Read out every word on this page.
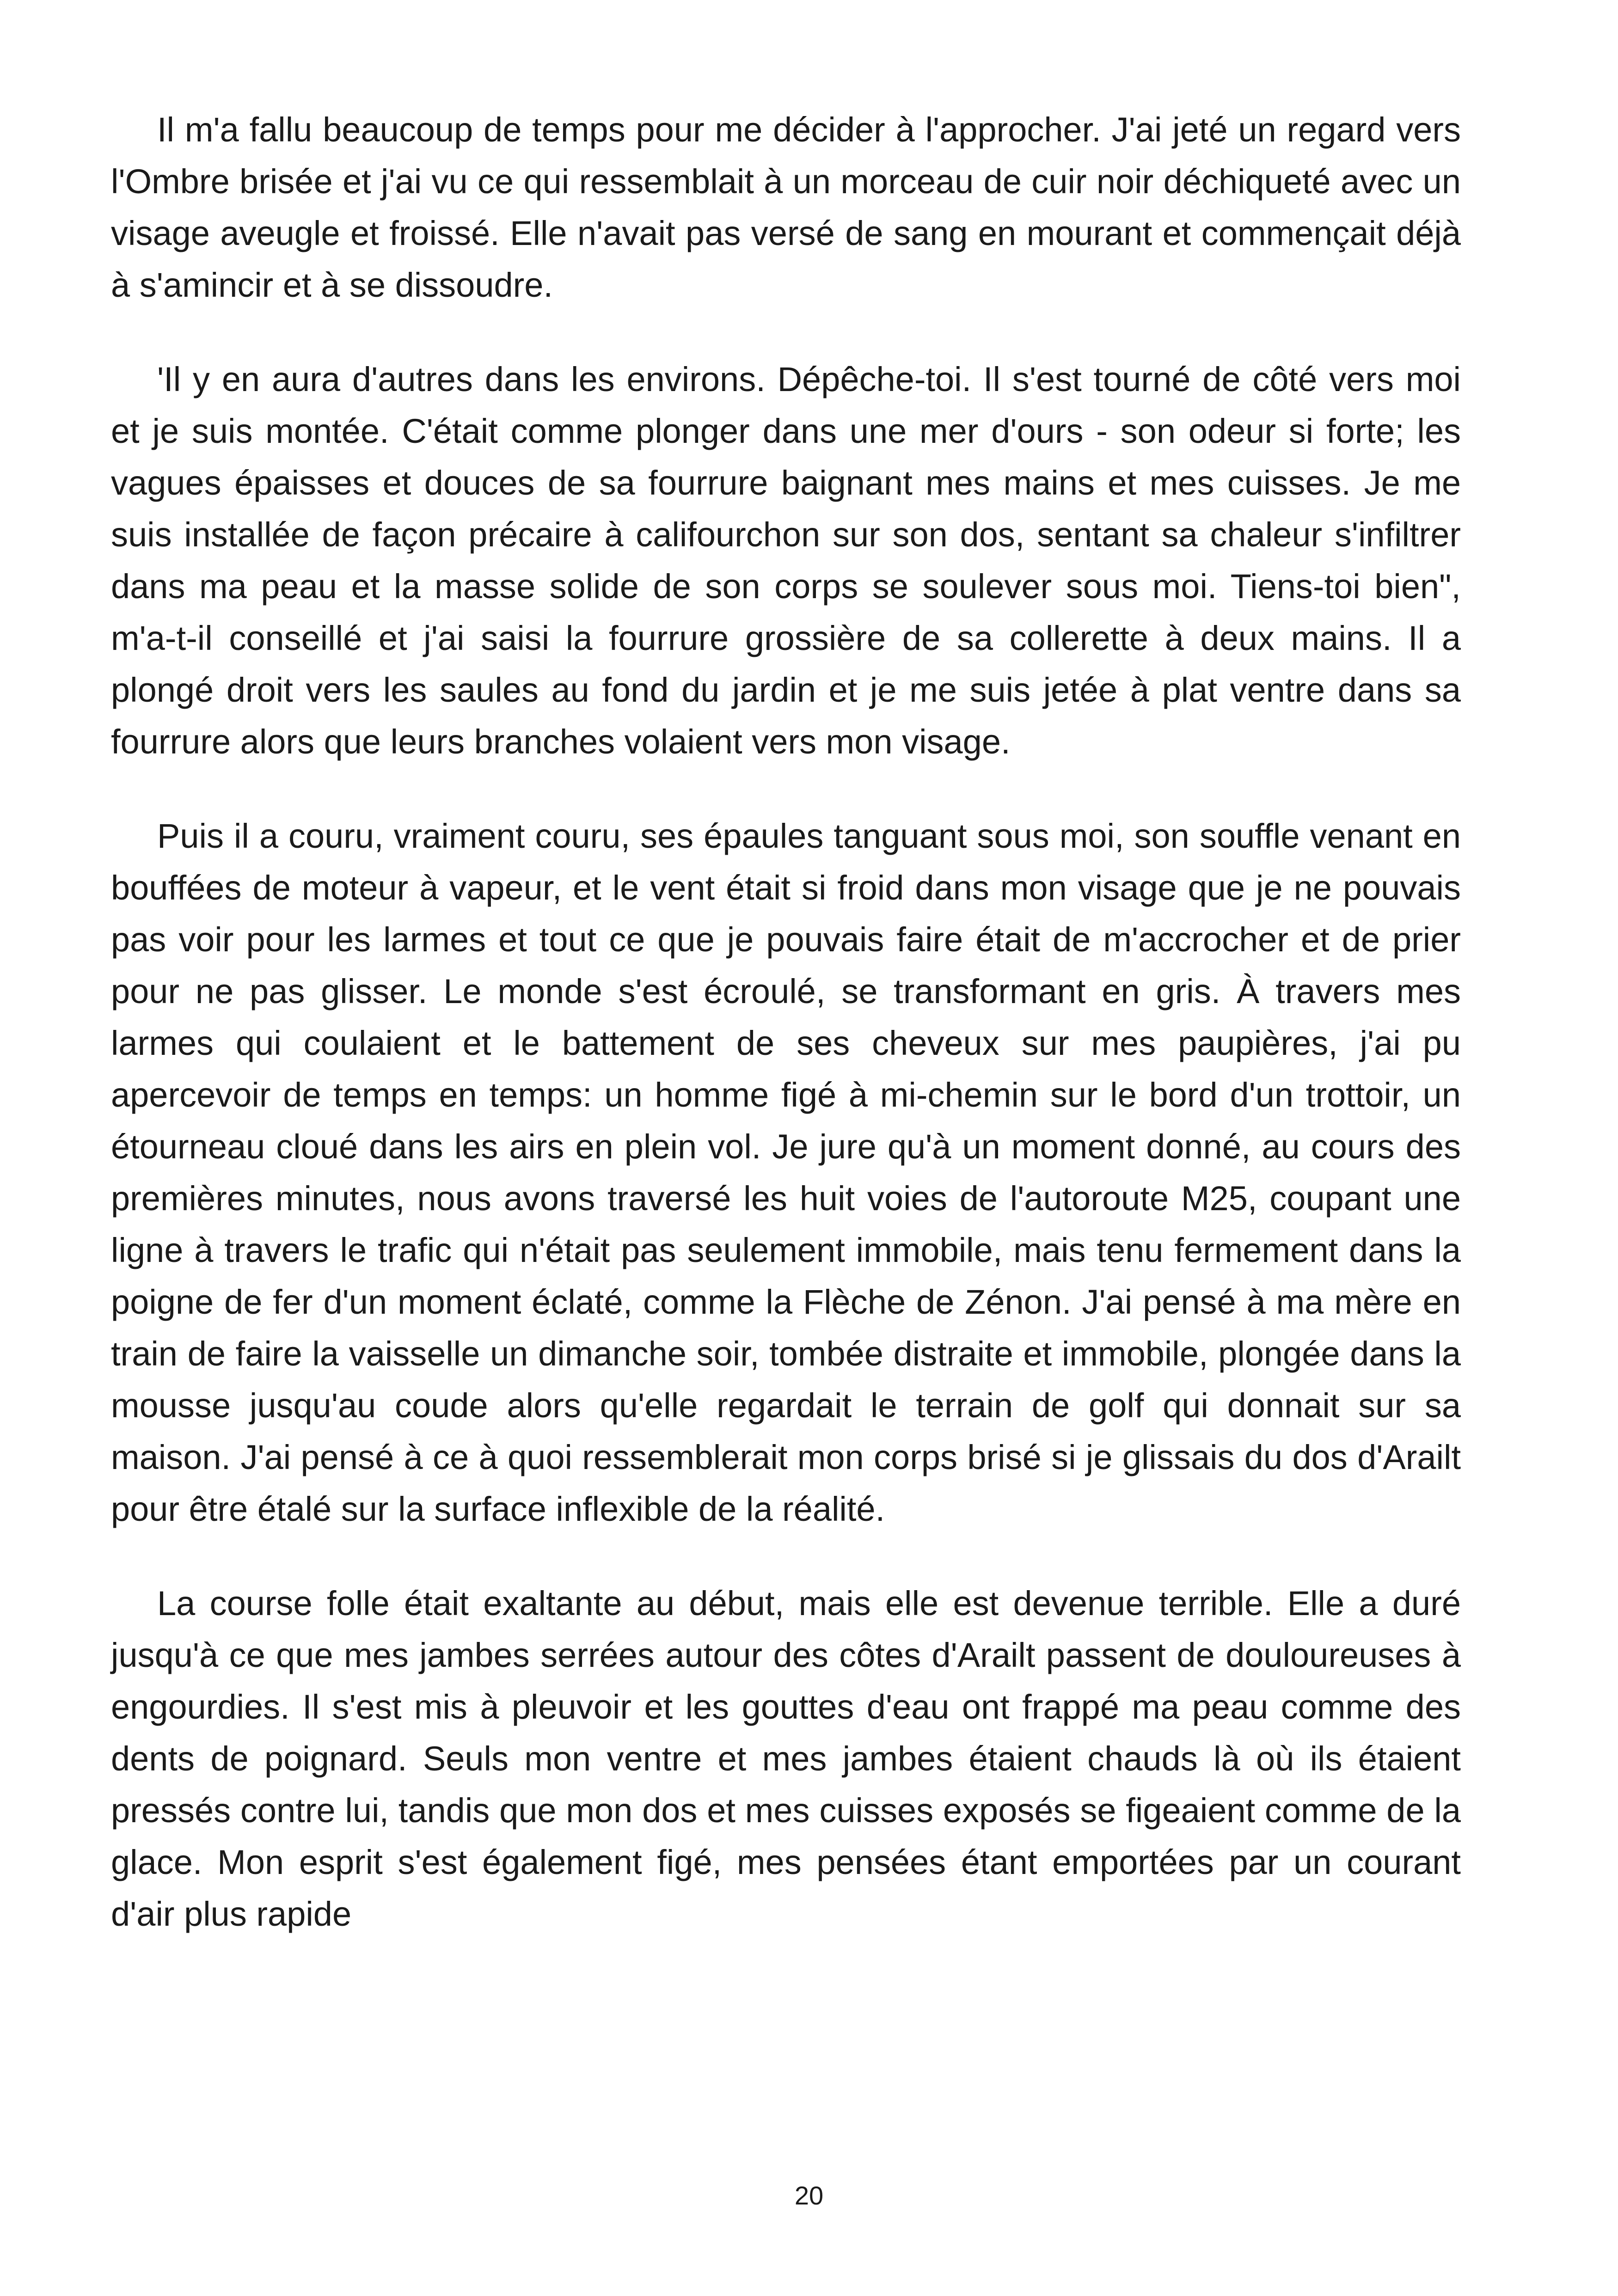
Il m'a fallu beaucoup de temps pour me décider à l'approcher. J'ai jeté un regard vers l'Ombre brisée et j'ai vu ce qui ressemblait à un morceau de cuir noir déchiqueté avec un visage aveugle et froissé. Elle n'avait pas versé de sang en mourant et commençait déjà à s'amincir et à se dissoudre.

'Il y en aura d'autres dans les environs. Dépêche-toi. Il s'est tourné de côté vers moi et je suis montée. C'était comme plonger dans une mer d'ours - son odeur si forte; les vagues épaisses et douces de sa fourrure baignant mes mains et mes cuisses. Je me suis installée de façon précaire à califourchon sur son dos, sentant sa chaleur s'infiltrer dans ma peau et la masse solide de son corps se soulever sous moi. Tiens-toi bien", m'a-t-il conseillé et j'ai saisi la fourrure grossière de sa collerette à deux mains. Il a plongé droit vers les saules au fond du jardin et je me suis jetée à plat ventre dans sa fourrure alors que leurs branches volaient vers mon visage.

Puis il a couru, vraiment couru, ses épaules tanguant sous moi, son souffle venant en bouffées de moteur à vapeur, et le vent était si froid dans mon visage que je ne pouvais pas voir pour les larmes et tout ce que je pouvais faire était de m'accrocher et de prier pour ne pas glisser. Le monde s'est écroulé, se transformant en gris. À travers mes larmes qui coulaient et le battement de ses cheveux sur mes paupières, j'ai pu apercevoir de temps en temps: un homme figé à mi-chemin sur le bord d'un trottoir, un étourneau cloué dans les airs en plein vol. Je jure qu'à un moment donné, au cours des premières minutes, nous avons traversé les huit voies de l'autoroute M25, coupant une ligne à travers le trafic qui n'était pas seulement immobile, mais tenu fermement dans la poigne de fer d'un moment éclaté, comme la Flèche de Zénon. J'ai pensé à ma mère en train de faire la vaisselle un dimanche soir, tombée distraite et immobile, plongée dans la mousse jusqu'au coude alors qu'elle regardait le terrain de golf qui donnait sur sa maison. J'ai pensé à ce à quoi ressemblerait mon corps brisé si je glissais du dos d'Arailt pour être étalé sur la surface inflexible de la réalité.

La course folle était exaltante au début, mais elle est devenue terrible. Elle a duré jusqu'à ce que mes jambes serrées autour des côtes d'Arailt passent de douloureuses à engourdies. Il s'est mis à pleuvoir et les gouttes d'eau ont frappé ma peau comme des dents de poignard. Seuls mon ventre et mes jambes étaient chauds là où ils étaient pressés contre lui, tandis que mon dos et mes cuisses exposés se figeaient comme de la glace. Mon esprit s'est également figé, mes pensées étant emportées par un courant d'air plus rapide

20
